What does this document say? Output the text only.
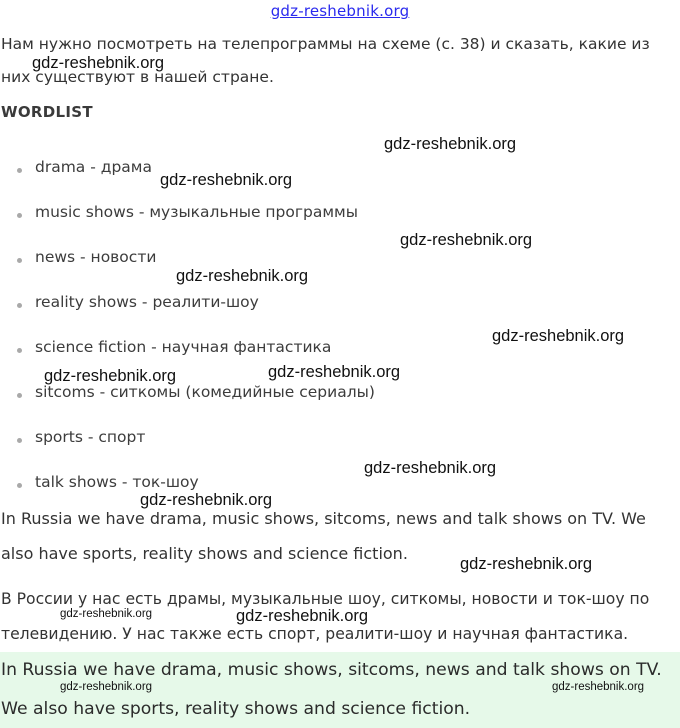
gdz-reshebnik.org
Нам нужно посмотреть на телепрограммы на схеме (с. 38) и сказать, какие из
них существуют в нашей стране.
WORDLIST
drama - драма
music shows - музыкальные программы
news - новости
reality shows - реалити-шоу
science fiction - научная фантастика
sitcoms - ситкомы (комедийные сериалы)
sports - спорт
talk shows - ток-шоу
In Russia we have drama, music shows, sitcoms, news and talk shows on TV. We
also have sports, reality shows and science fiction.
В России у нас есть драмы, музыкальные шоу, ситкомы, новости и ток-шоу по
телевидению. У нас также есть спорт, реалити-шоу и научная фантастика.
In Russia we have drama, music shows, sitcoms, news and talk shows on TV.
We also have sports, reality shows and science fiction.
gdz-reshebnik.org
gdz-reshebnik.org
gdz-reshebnik.org
gdz-reshebnik.org
gdz-reshebnik.org
gdz-reshebnik.org
gdz-reshebnik.org	gdz-reshebnik.org
gdz-reshebnik.org
gdz-reshebnik.org
gdz-reshebnik.org
gdz-reshebnik.org	gdz-reshebnik.org
gdz-reshebnik.org	gdz-reshebnik.org
